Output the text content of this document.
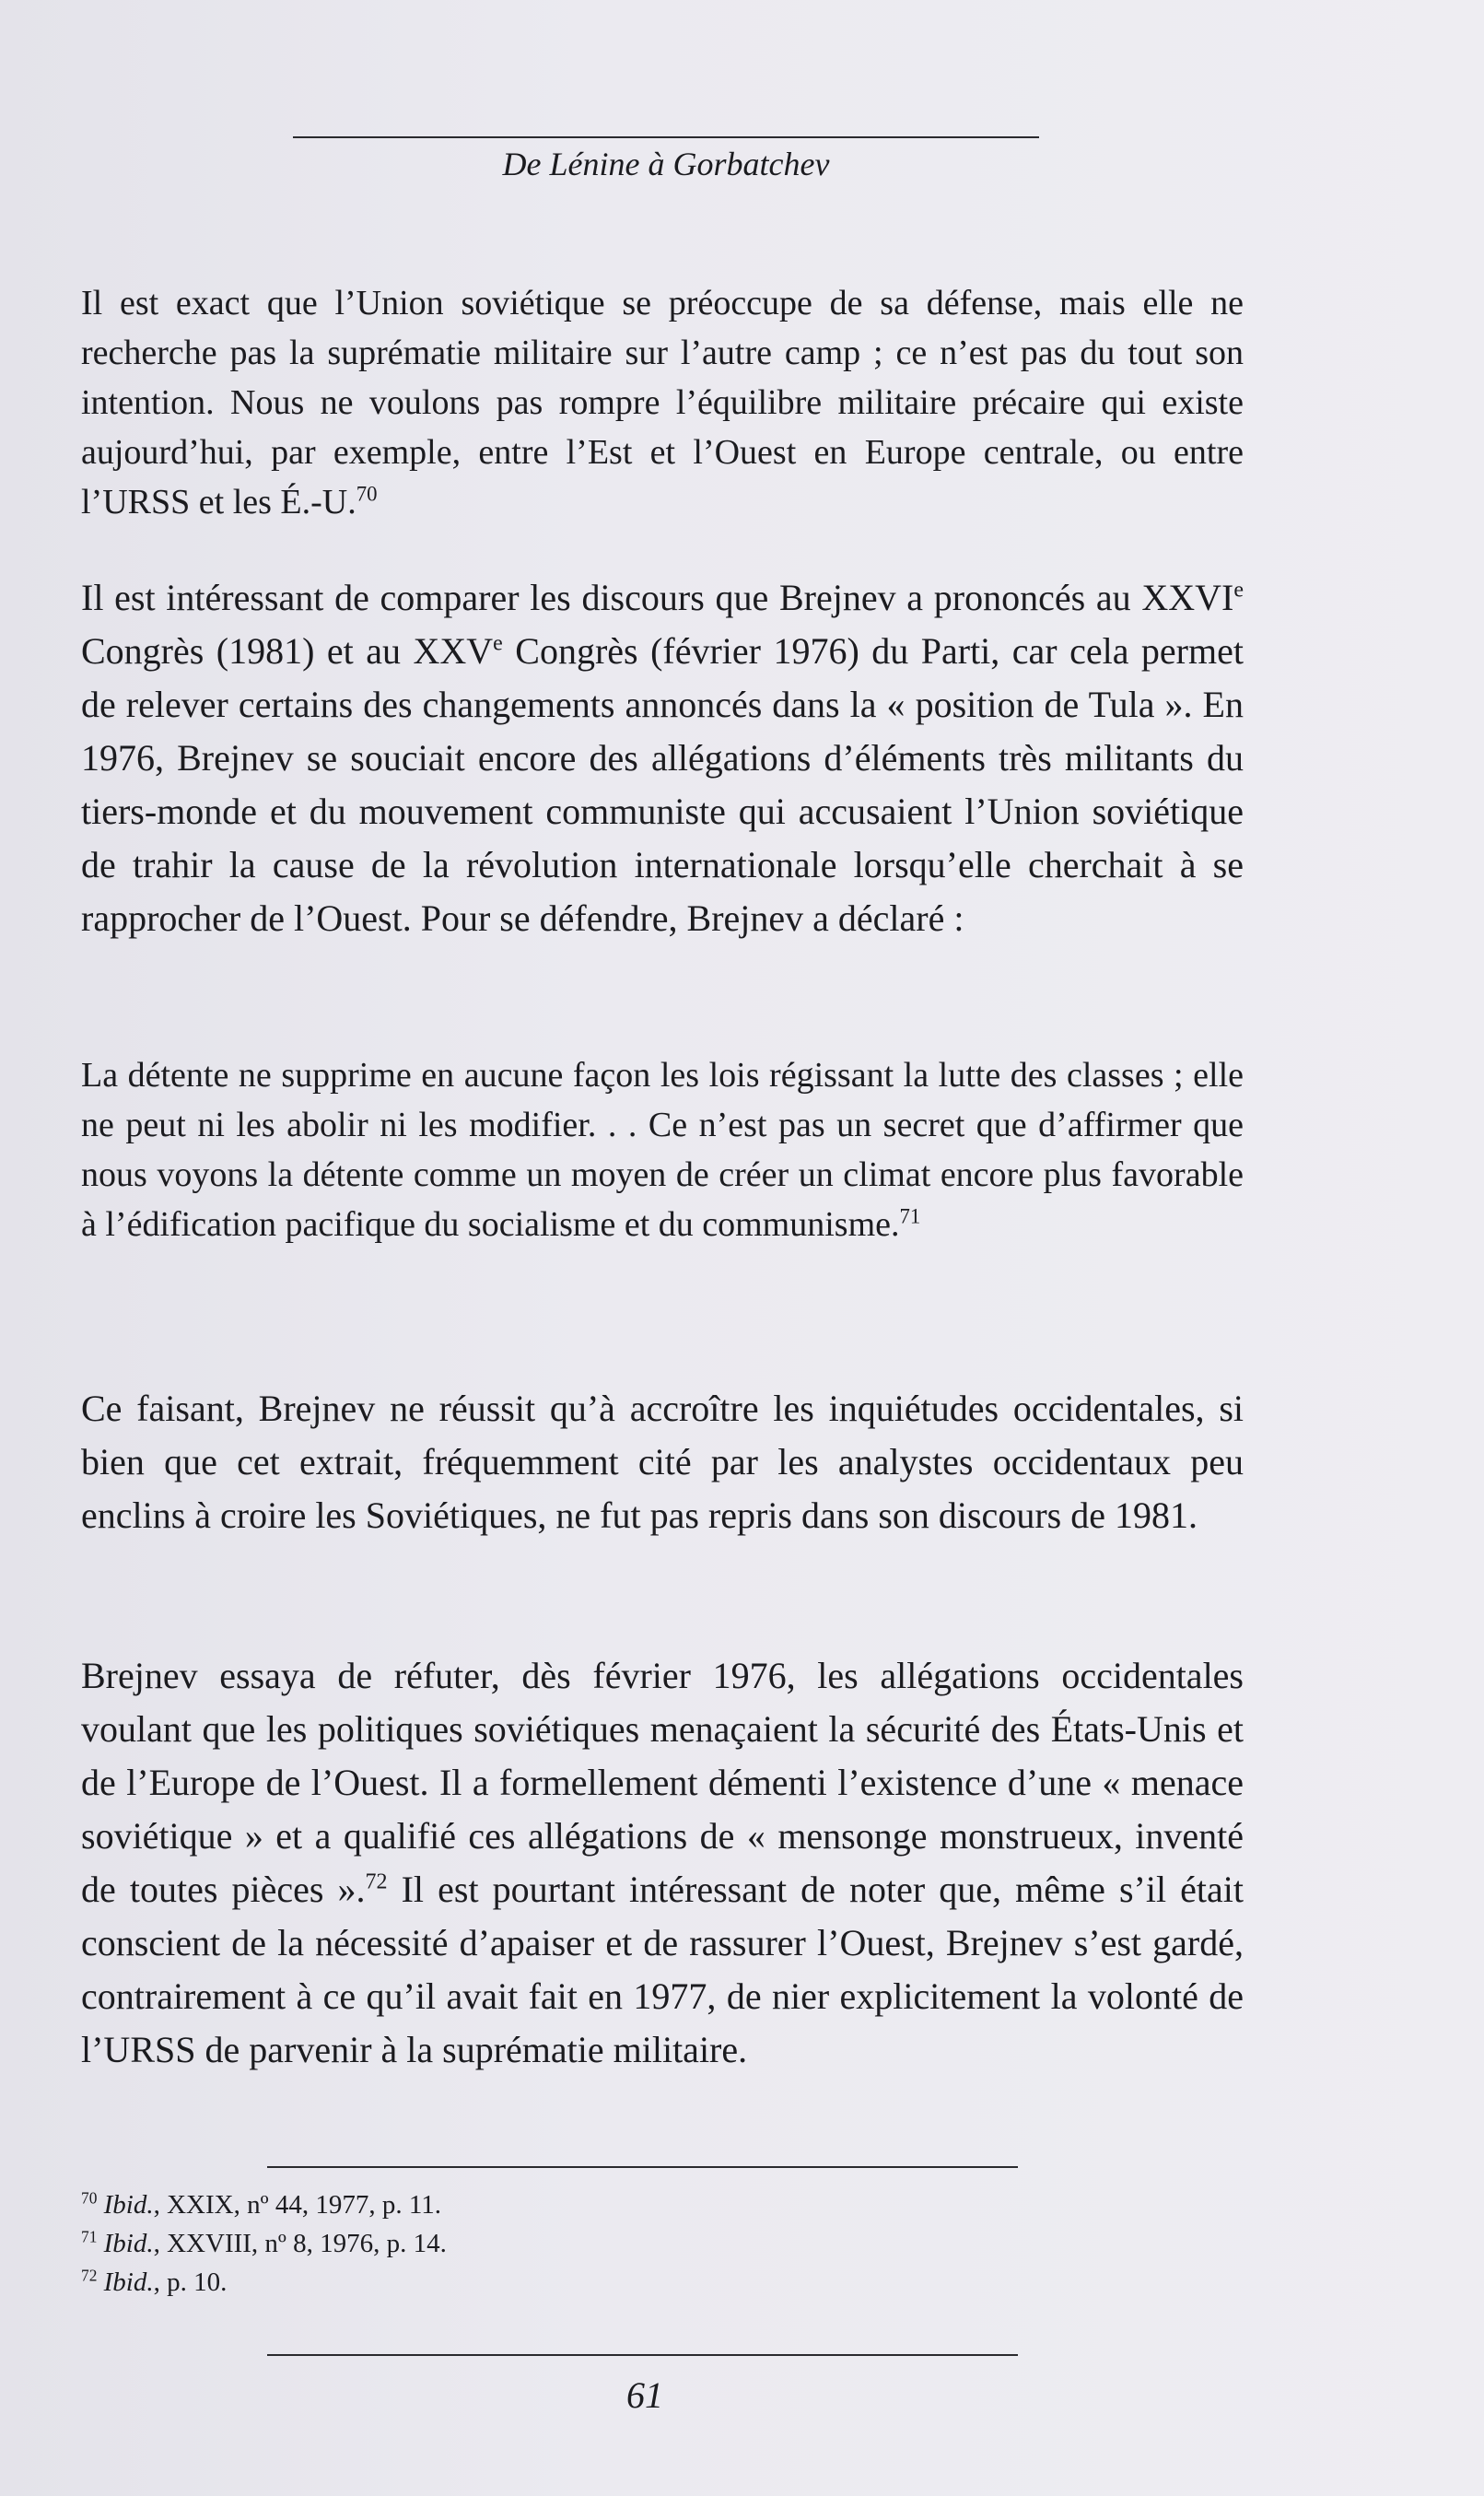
De Lénine à Gorbatchev

Il est exact que l’Union soviétique se préoccupe de sa défense, mais elle ne recherche pas la suprématie militaire sur l’autre camp ; ce n’est pas du tout son intention. Nous ne voulons pas rompre l’équilibre militaire précaire qui existe aujourd’hui, par exemple, entre l’Est et l’Ouest en Europe centrale, ou entre l’URSS et les É.-U.$^{70}$

Il est intéressant de comparer les discours que Brejnev a prononcés au XXVIe Congrès (1981) et au XXVe Congrès (février 1976) du Parti, car cela permet de relever certains des changements annoncés dans la « position de Tula ». En 1976, Brejnev se souciait encore des allégations d’éléments très militants du tiers-monde et du mouvement communiste qui accusaient l’Union soviétique de trahir la cause de la révolution internationale lorsqu’elle cherchait à se rapprocher de l’Ouest. Pour se défendre, Brejnev a déclaré :

La détente ne supprime en aucune façon les lois régissant la lutte des classes ; elle ne peut ni les abolir ni les modifier. . . Ce n’est pas un secret que d’affirmer que nous voyons la détente comme un moyen de créer un climat encore plus favorable à l’édification pacifique du socialisme et du communisme.$^{71}$

Ce faisant, Brejnev ne réussit qu’à accroître les inquiétudes occidentales, si bien que cet extrait, fréquemment cité par les analystes occidentaux peu enclins à croire les Soviétiques, ne fut pas repris dans son discours de 1981.

Brejnev essaya de réfuter, dès février 1976, les allégations occidentales voulant que les politiques soviétiques menaçaient la sécurité des États-Unis et de l’Europe de l’Ouest. Il a formellement démenti l’existence d’une « menace soviétique » et a qualifié ces allégations de « mensonge monstrueux, inventé de toutes pièces ».$^{72}$ Il est pourtant intéressant de noter que, même s’il était conscient de la nécessité d’apaiser et de rassurer l’Ouest, Brejnev s’est gardé, contrairement à ce qu’il avait fait en 1977, de nier explicitement la volonté de l’URSS de parvenir à la suprématie militaire.

$^{70}$ Ibid., XXIX, nº 44, 1977, p. 11.
$^{71}$ Ibid., XXVIII, nº 8, 1976, p. 14.
$^{72}$ Ibid., p. 10.
61
